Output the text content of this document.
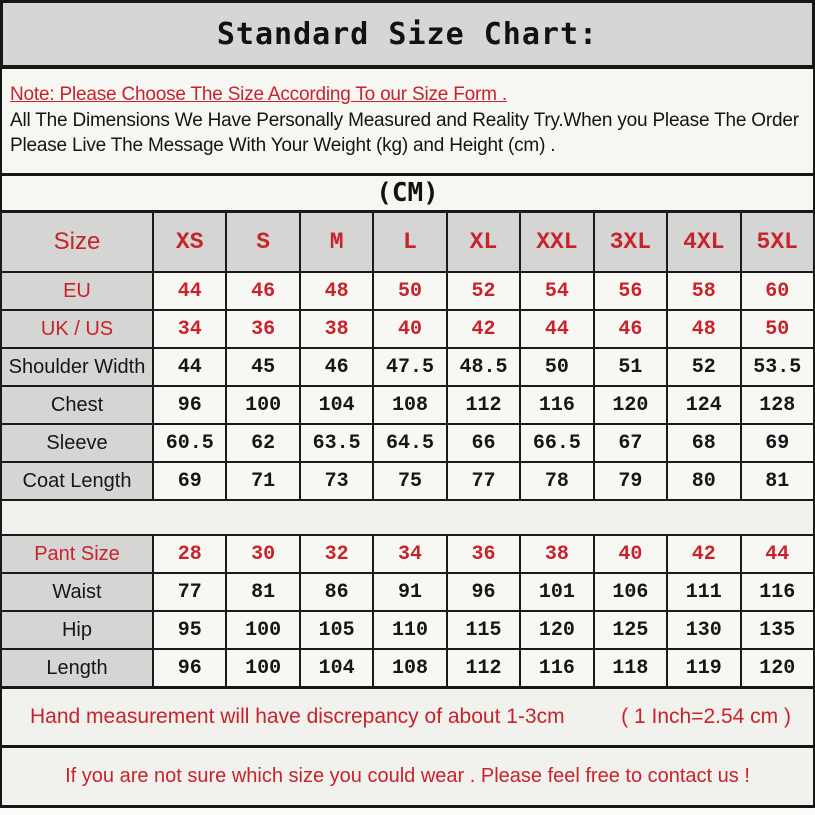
Standard Size Chart:
Note: Please Choose The Size According To our Size Form .
All The Dimensions We Have Personally Measured and Reality Try.When you Please The Order
Please Live The Message With Your Weight (kg) and Height (cm) .
(CM)
Size	XS	S	M	L	XL	XXL	3XL	4XL	5XL
EU	44	46	48	50	52	54	56	58	60
UK / US	34	36	38	40	42	44	46	48	50
Shoulder Width	44	45	46	47.5	48.5	50	51	52	53.5
Chest	96	100	104	108	112	116	120	124	128
Sleeve	60.5	62	63.5	64.5	66	66.5	67	68	69
Coat Length	69	71	73	75	77	78	79	80	81

Pant Size	28	30	32	34	36	38	40	42	44
Waist	77	81	86	91	96	101	106	111	116
Hip	95	100	105	110	115	120	125	130	135
Length	96	100	104	108	112	116	118	119	120
Hand measurement will have discrepancy of about 1-3cm	( 1 Inch=2.54 cm )
If you are not sure which size you could wear . Please feel free to contact us !
